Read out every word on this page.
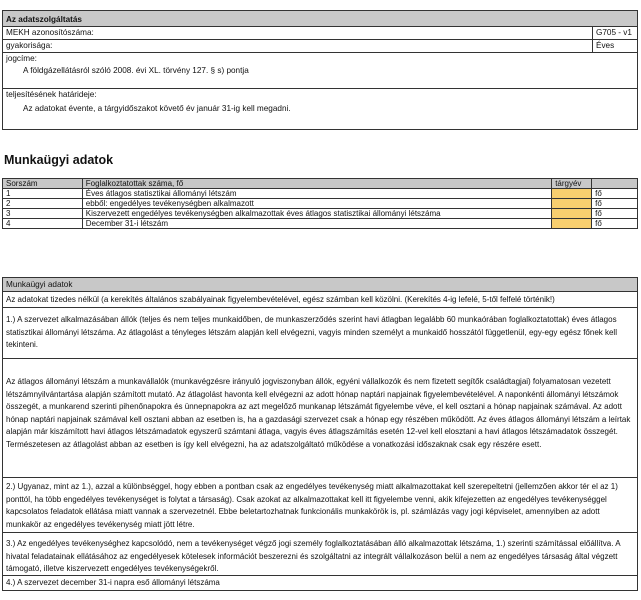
Az adatszolgáltatás
MEKH azonosítószáma:	G705 - v1
gyakorisága:	Éves
jogcíme:
A földgázellátásról szóló 2008. évi XL. törvény 127. § s) pontja
teljesítésének határideje:
Az adatokat évente, a tárgyidőszakot követő év január 31-ig kell megadni.
Munkaügyi adatok
Sorszám	Foglalkoztatottak száma, fő	tárgyév	
1	Éves átlagos statisztikai állományi létszám		fő
2	ebből: engedélyes tevékenységben alkalmazott		fő
3	Kiszervezett engedélyes tevékenységben alkalmazottak éves átlagos statisztikai állományi létszáma		fő
4	December 31-i létszám		fő
Munkaügyi adatok
Az adatokat tizedes nélkül (a kerekítés általános szabályainak figyelembevételével, egész számban kell közölni. (Kerekítés 4-ig lefelé, 5-től felfelé történik!)
1.) A szervezet alkalmazásában állók (teljes és nem teljes munkaidőben, de munkaszerződés szerint havi átlagban legalább 60 munkaórában foglalkoztatottak) éves átlagos statisztikai állományi létszáma. Az átlagolást a tényleges létszám alapján kell elvégezni, vagyis minden személyt a munkaidő hosszától függetlenül, egy-egy egész főnek kell tekinteni.
Az átlagos állományi létszám a munkavállalók (munkavégzésre irányuló jogviszonyban állók, egyéni vállalkozók és nem fizetett segítők családtagjai) folyamatosan vezetett létszámnyilvántartása alapján számított mutató. Az átlagolást havonta kell elvégezni az adott hónap naptári napjainak figyelembevételével. A naponkénti állományi létszámok összegét, a munkarend szerinti pihenőnapokra és ünnepnapokra az azt megelőző munkanap létszámát figyelembe véve, el kell osztani a hónap napjainak számával. Az adott hónap naptári napjainak számával kell osztani abban az esetben is, ha a gazdasági szervezet csak a hónap egy részében működött. Az éves átlagos állományi létszám a leírtak alapján már kiszámított havi átlagos létszámadatok egyszerű számtani átlaga, vagyis éves átlagszámítás esetén 12-vel kell elosztani a havi átlagos létszámadatok összegét. Természetesen az átlagolást abban az esetben is így kell elvégezni, ha az adatszolgáltató működése a vonatkozási időszaknak csak egy részére esett.
2.) Ugyanaz, mint az 1.), azzal a különbséggel, hogy ebben a pontban csak az engedélyes tevékenység miatt alkalmazottakat kell szerepeltetni (jellemzően akkor tér el az 1) ponttól, ha több engedélyes tevékenységet is folytat a társaság). Csak azokat az alkalmazottakat kell itt figyelembe venni, akik kifejezetten az engedélyes tevékenységgel kapcsolatos feladatok ellátása miatt vannak a szervezetnél. Ebbe beletartozhatnak funkcionális munkakörök is, pl. számlázás vagy jogi képviselet, amennyiben az adott munkakör az engedélyes tevékenység miatt jött létre.
3.) Az engedélyes tevékenységhez kapcsolódó, nem a tevékenységet végző jogi személy foglalkoztatásában álló alkalmazottak létszáma, 1.) szerinti számítással előállítva. A hivatal feladatainak ellátásához az engedélyesek kötelesek információt beszerezni és szolgáltatni az integrált vállalkozáson belül a nem az engedélyes társaság által végzett támogató, illetve kiszervezett engedélyes tevékenységekről.
4.) A szervezet december 31-i napra eső állományi létszáma
